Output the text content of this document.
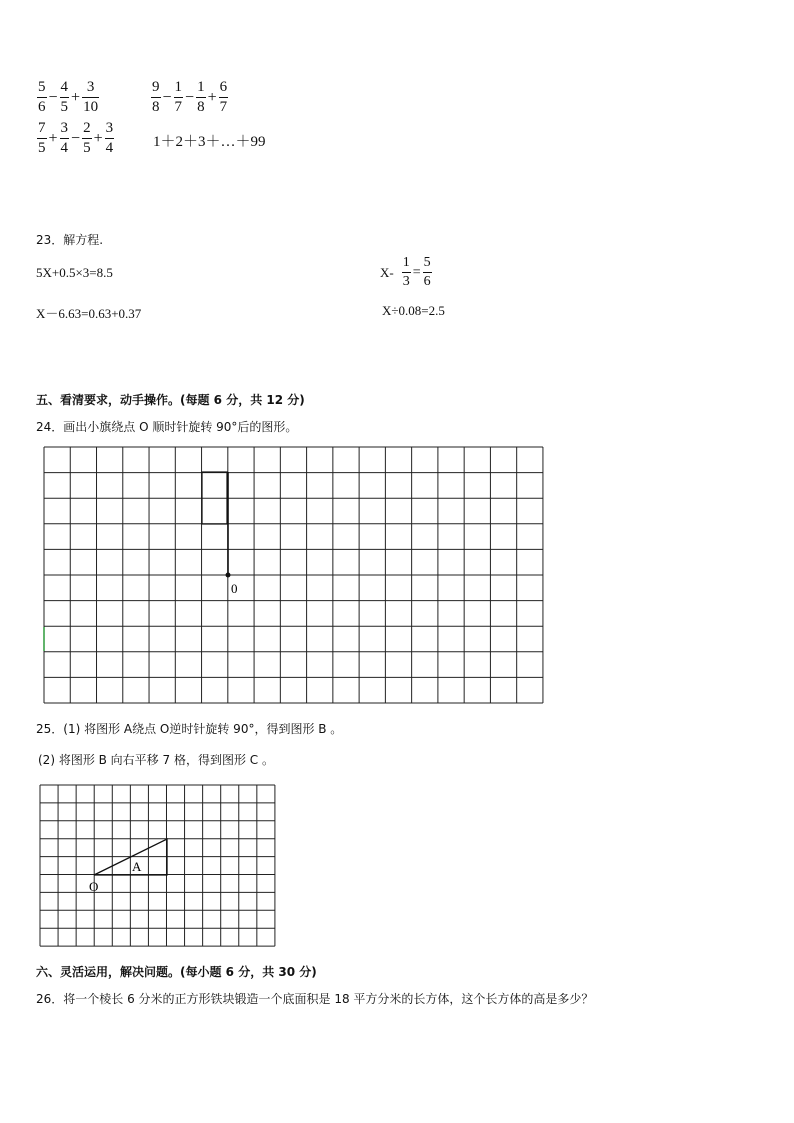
$\frac{5}{6} - \frac{4}{5} + \frac{3}{10}$	$\frac{9}{8} - \frac{1}{7} - \frac{1}{8} + \frac{6}{7}$
$\frac{7}{5} + \frac{3}{4} - \frac{2}{5} + \frac{3}{4}$	1＋2＋3＋…＋99
23．解方程.
5X+0.5×3=8.5	$X- \frac{1}{3} = \frac{5}{6}$
X－6.63=0.63+0.37	X÷0.08=2.5
五、看清要求，动手操作。(每题 6 分，共 12 分)
24．画出小旗绕点 O 顺时针旋转 90°后的图形。
0
A
O
25．(1) 将图形 A绕点 O逆时针旋转 90°，得到图形 B 。
(2) 将图形 B 向右平移 7 格，得到图形 C 。
六、灵活运用，解决问题。(每小题 6 分，共 30 分)
26．将一个棱长 6 分米的正方形铁块锻造一个底面积是 18 平方分米的长方体，这个长方体的高是多少？
